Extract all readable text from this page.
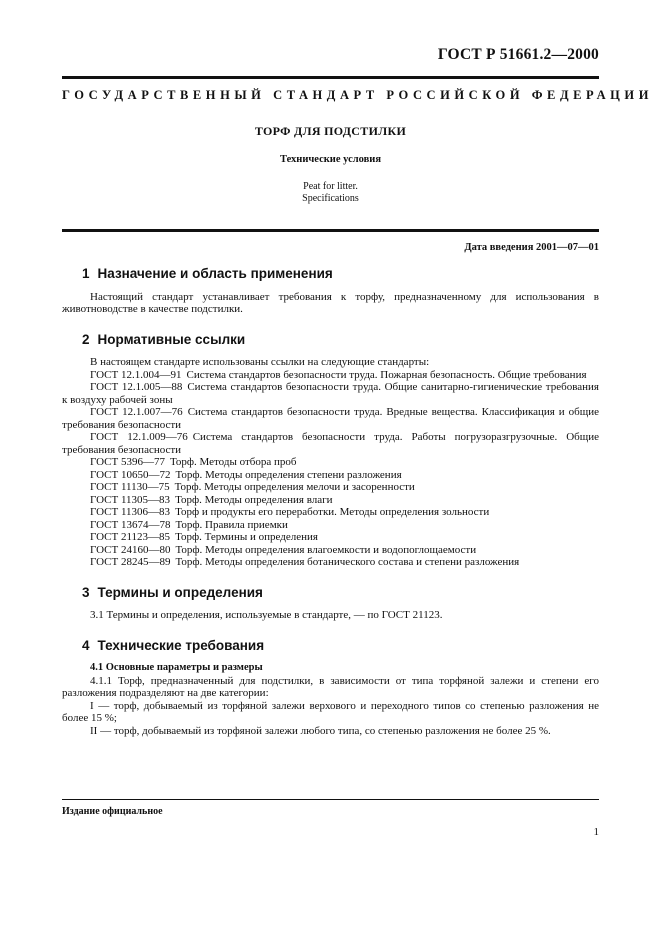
ГОСТ Р 51661.2—2000
ГОСУДАРСТВЕННЫЙ СТАНДАРТ РОССИЙСКОЙ ФЕДЕРАЦИИ
ТОРФ ДЛЯ ПОДСТИЛКИ
Технические условия
Peat for litter.
Specifications
Дата введения 2001—07—01
1 Назначение и область применения

Настоящий стандарт устанавливает требования к торфу, предназначенному для использования в животноводстве в качестве подстилки.

2 Нормативные ссылки

В настоящем стандарте использованы ссылки на следующие стандарты:

ГОСТ 12.1.004—91 Система стандартов безопасности труда. Пожарная безопасность. Общие требования

ГОСТ 12.1.005—88 Система стандартов безопасности труда. Общие санитарно-гигиенические требования к воздуху рабочей зоны

ГОСТ 12.1.007—76 Система стандартов безопасности труда. Вредные вещества. Классификация и общие требования безопасности

ГОСТ 12.1.009—76 Система стандартов безопасности труда. Работы погрузоразгрузочные. Общие требования безопасности

ГОСТ 5396—77 Торф. Методы отбора проб

ГОСТ 10650—72 Торф. Методы определения степени разложения

ГОСТ 11130—75 Торф. Методы определения мелочи и засоренности

ГОСТ 11305—83 Торф. Методы определения влаги

ГОСТ 11306—83 Торф и продукты его переработки. Методы определения зольности

ГОСТ 13674—78 Торф. Правила приемки

ГОСТ 21123—85 Торф. Термины и определения

ГОСТ 24160—80 Торф. Методы определения влагоемкости и водопоглощаемости

ГОСТ 28245—89 Торф. Методы определения ботанического состава и степени разложения

3 Термины и определения

3.1 Термины и определения, используемые в стандарте, — по ГОСТ 21123.

4 Технические требования
4.1 Основные параметры и размеры

4.1.1 Торф, предназначенный для подстилки, в зависимости от типа торфяной залежи и степени его разложения подразделяют на две категории:

I — торф, добываемый из торфяной залежи верхового и переходного типов со степенью разложения не более 15 %;

II — торф, добываемый из торфяной залежи любого типа, со степенью разложения не более 25 %.

Издание официальное
1
